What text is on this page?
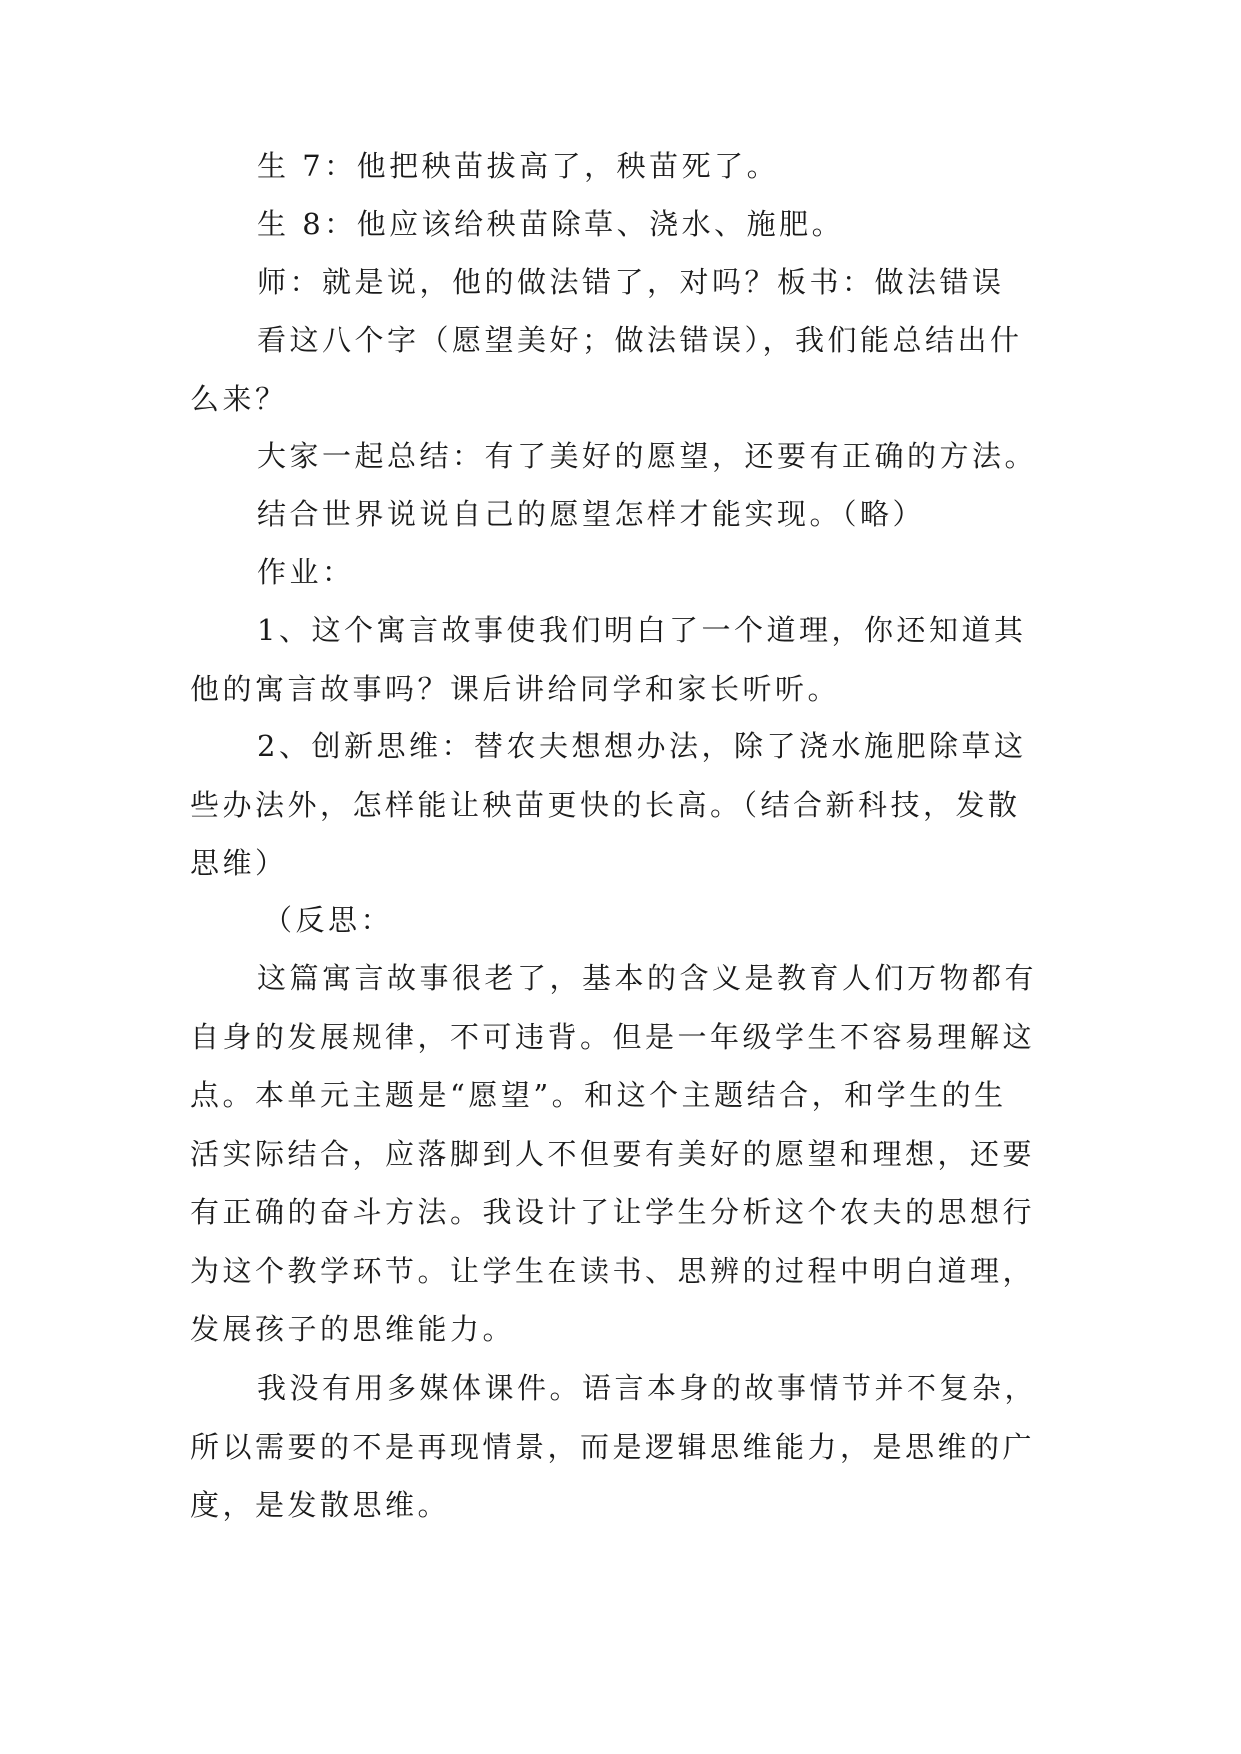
生 7：他把秧苗拔高了，秧苗死了。

生 8：他应该给秧苗除草、浇水、施肥。

师：就是说，他的做法错了，对吗？板书：做法错误

看这八个字（愿望美好；做法错误），我们能总结出什
么来？

大家一起总结：有了美好的愿望，还要有正确的方法。

结合世界说说自己的愿望怎样才能实现。（略）

作业：

1、这个寓言故事使我们明白了一个道理，你还知道其
他的寓言故事吗？课后讲给同学和家长听听。

2、创新思维：替农夫想想办法，除了浇水施肥除草这
些办法外，怎样能让秧苗更快的长高。（结合新科技，发散
思维）

（反思：

这篇寓言故事很老了，基本的含义是教育人们万物都有
自身的发展规律，不可违背。但是一年级学生不容易理解这
点。本单元主题是“愿望”。和这个主题结合，和学生的生
活实际结合，应落脚到人不但要有美好的愿望和理想，还要
有正确的奋斗方法。我设计了让学生分析这个农夫的思想行
为这个教学环节。让学生在读书、思辨的过程中明白道理，
发展孩子的思维能力。

我没有用多媒体课件。语言本身的故事情节并不复杂，
所以需要的不是再现情景，而是逻辑思维能力，是思维的广
度，是发散思维。
